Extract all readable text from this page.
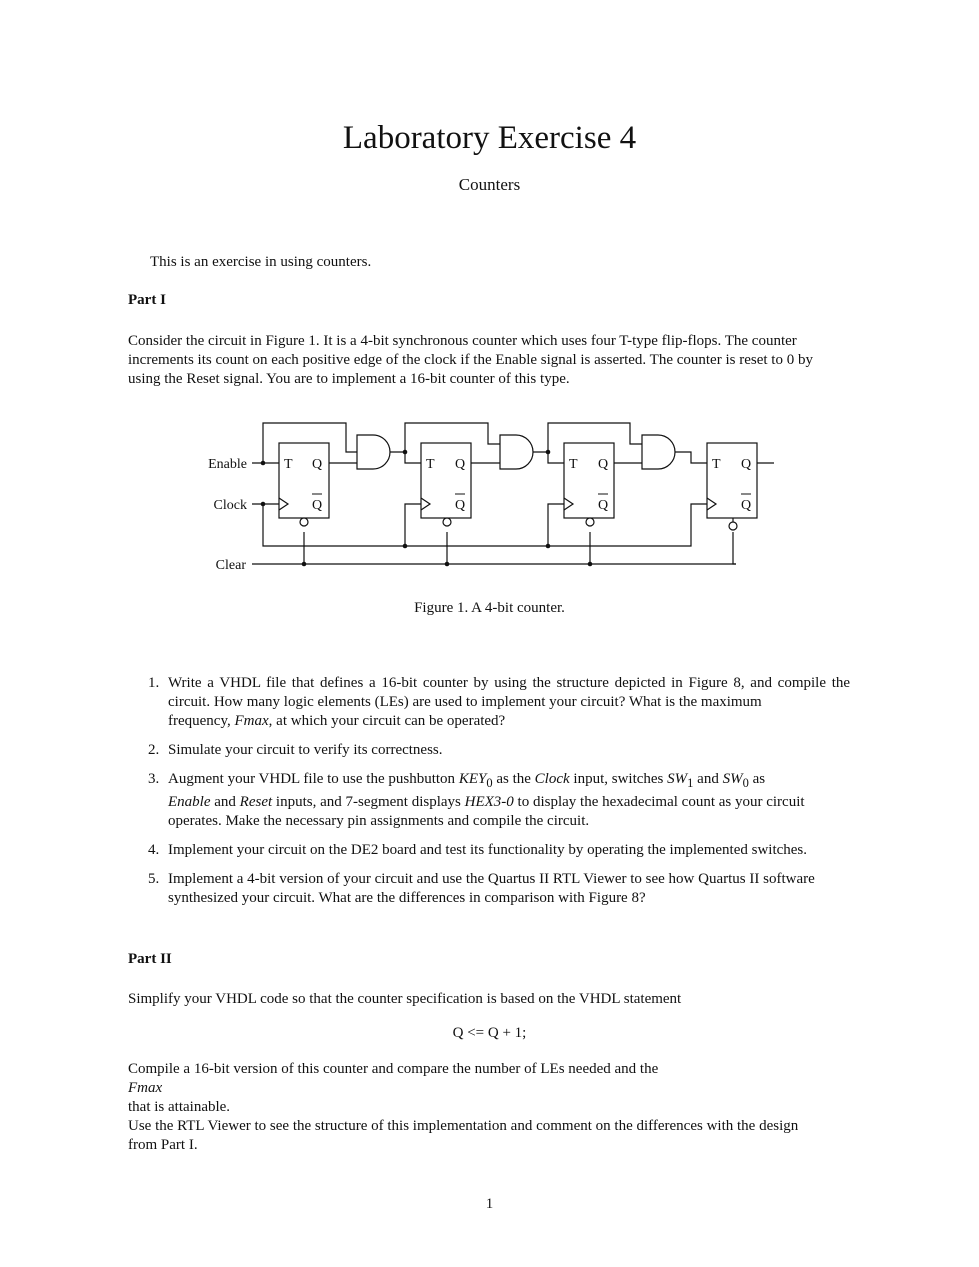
Laboratory Exercise 4
Counters
This is an exercise in using counters.
Part I
Consider the circuit in Figure 1. It is a 4-bit synchronous counter which uses four T-type flip-flops. The counter
increments its count on each positive edge of the clock if the Enable signal is asserted. The counter is reset to 0 by
using the Reset signal. You are to implement a 16-bit counter of this type.
Enable
Clock
Clear
T Q
Q
T Q
Q
T Q
Q
T Q
Q
Figure 1. A 4-bit counter.
1. Write a VHDL file that defines a 16-bit counter by using the structure depicted in Figure 8, and compile the circuit. How many logic elements (LEs) are used to implement your circuit? What is the maximum
frequency, Fmax, at which your circuit can be operated?
2. Simulate your circuit to verify its correctness.
3. Augment your VHDL file to use the pushbutton $KEY_0$ as the Clock input, switches $SW_1$ and $SW_0$ as
Enable and Reset inputs, and 7-segment displays HEX3-0 to display the hexadecimal count as your circuit
operates. Make the necessary pin assignments and compile the circuit.
4. Implement your circuit on the DE2 board and test its functionality by operating the implemented switches.
5. Implement a 4-bit version of your circuit and use the Quartus II RTL Viewer to see how Quartus II software
synthesized your circuit. What are the differences in comparison with Figure 8?
Part II
Simplify your VHDL code so that the counter specification is based on the VHDL statement
Q <= Q + 1;
Compile a 16-bit version of this counter and compare the number of LEs needed and the
Fmax
that is attainable.
Use the RTL Viewer to see the structure of this implementation and comment on the differences with the design
from Part I.
1
